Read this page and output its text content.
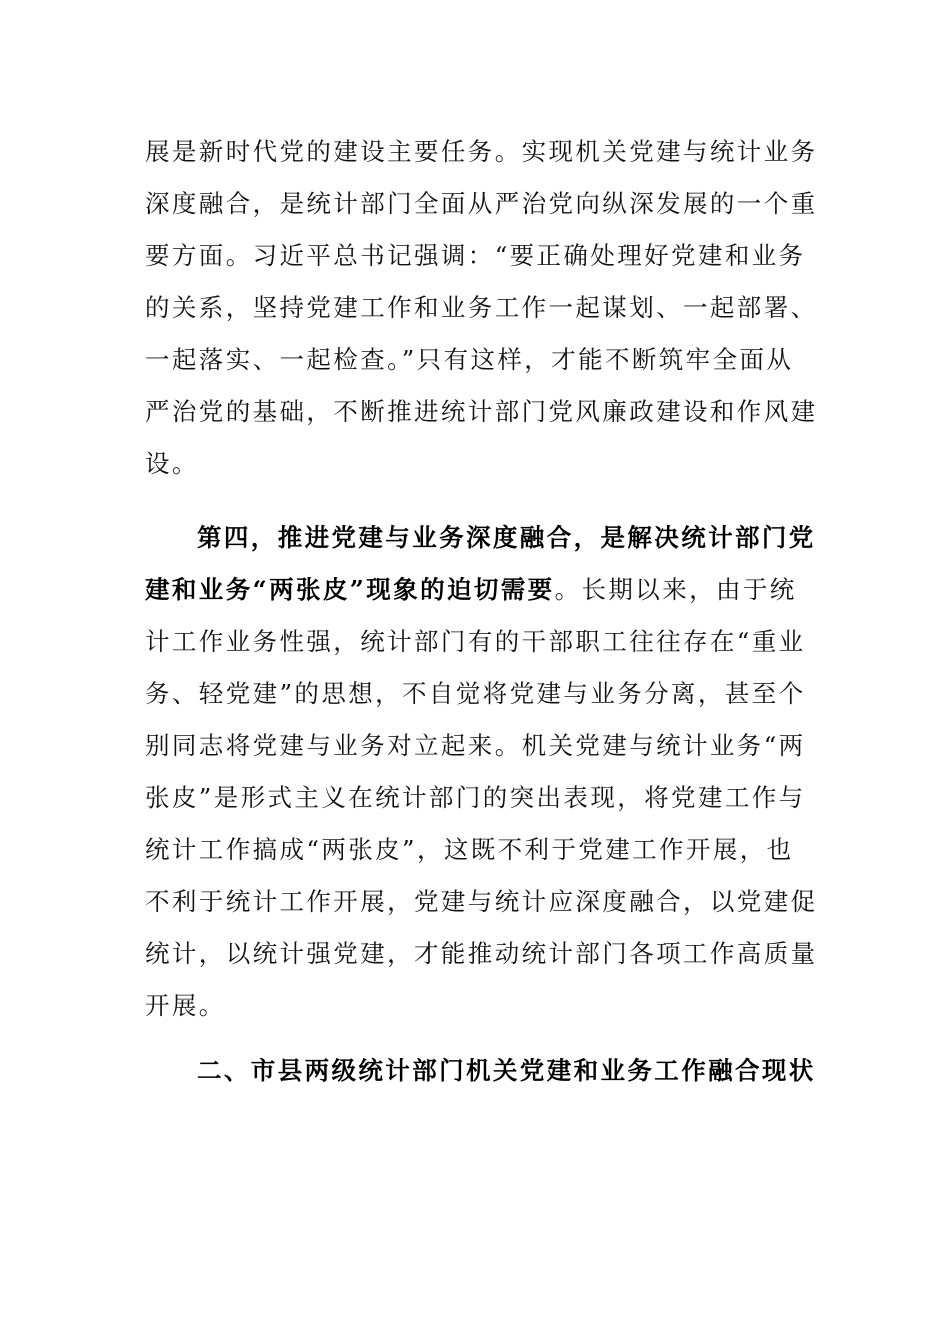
展是新时代党的建设主要任务。实现机关党建与统计业务
深度融合，是统计部门全面从严治党向纵深发展的一个重
要方面。习近平总书记强调：“要正确处理好党建和业务
的关系，坚持党建工作和业务工作一起谋划、一起部署、
一起落实、一起检查。”只有这样，才能不断筑牢全面从
严治党的基础，不断推进统计部门党风廉政建设和作风建
设。
第四，推进党建与业务深度融合，是解决统计部门党
建和业务“两张皮”现象的迫切需要。长期以来，由于统
计工作业务性强，统计部门有的干部职工往往存在“重业
务、轻党建”的思想，不自觉将党建与业务分离，甚至个
别同志将党建与业务对立起来。机关党建与统计业务“两
张皮”是形式主义在统计部门的突出表现，将党建工作与
统计工作搞成“两张皮”，这既不利于党建工作开展，也
不利于统计工作开展，党建与统计应深度融合，以党建促
统计，以统计强党建，才能推动统计部门各项工作高质量
开展。
二、市县两级统计部门机关党建和业务工作融合现状
